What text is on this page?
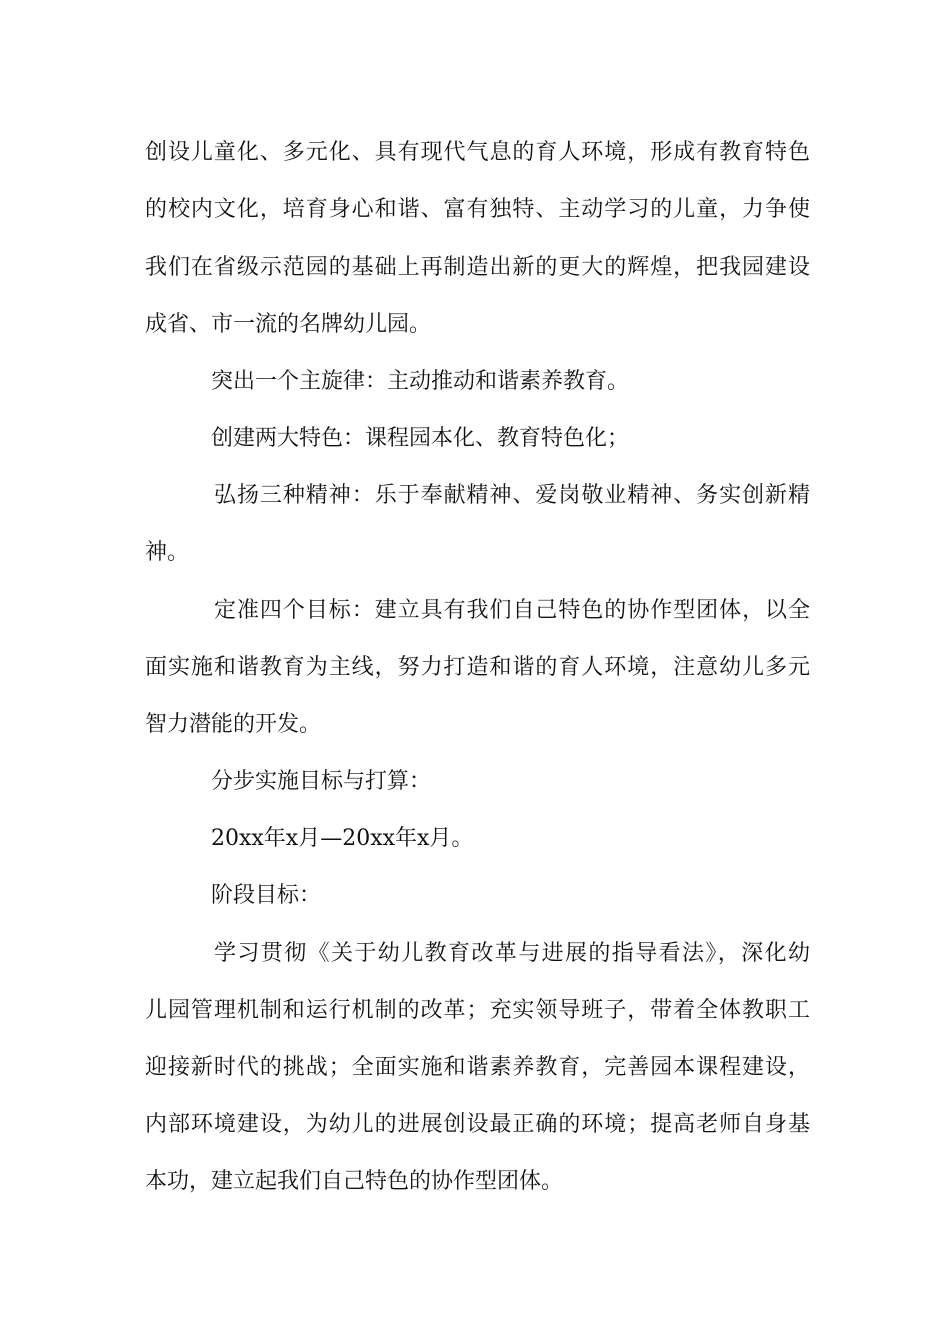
创设儿童化、多元化、具有现代气息的育人环境，形成有教育特色
的校内文化，培育身心和谐、富有独特、主动学习的儿童，力争使
我们在省级示范园的基础上再制造出新的更大的辉煌，把我园建设
成省、市一流的名牌幼儿园。
突出一个主旋律：主动推动和谐素养教育。
创建两大特色：课程园本化、教育特色化；
弘扬三种精神：乐于奉献精神、爱岗敬业精神、务实创新精
神。
定准四个目标：建立具有我们自己特色的协作型团体，以全
面实施和谐教育为主线，努力打造和谐的育人环境，注意幼儿多元
智力潜能的开发。
分步实施目标与打算：
20xx年x月—20xx年x月。
阶段目标：
学习贯彻《关于幼儿教育改革与进展的指导看法》，深化幼
儿园管理机制和运行机制的改革；充实领导班子，带着全体教职工
迎接新时代的挑战；全面实施和谐素养教育，完善园本课程建设，
内部环境建设，为幼儿的进展创设最正确的环境；提高老师自身基
本功，建立起我们自己特色的协作型团体。
